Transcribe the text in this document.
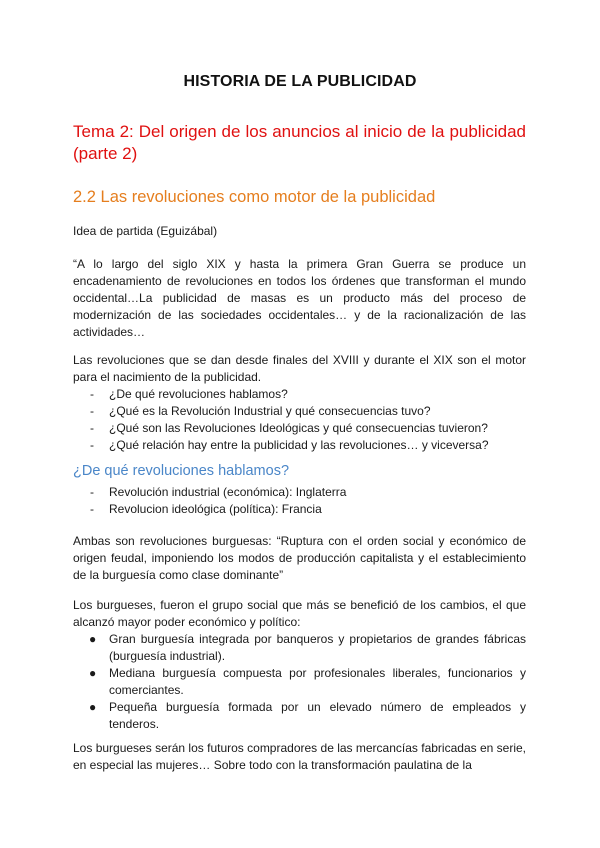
HISTORIA DE LA PUBLICIDAD
Tema 2: Del origen de los anuncios al inicio de la publicidad (parte 2)
2.2 Las revoluciones como motor de la publicidad
Idea de partida (Eguizábal)
“A lo largo del siglo XIX y hasta la primera Gran Guerra se produce un encadenamiento de revoluciones en todos los órdenes que transforman el mundo occidental…La publicidad de masas es un producto más del proceso de modernización de las sociedades occidentales… y de la racionalización de las actividades…
Las revoluciones que se dan desde finales del XVIII y durante el XIX son el motor para el nacimiento de la publicidad.
- ¿De qué revoluciones hablamos?
- ¿Qué es la Revolución Industrial y qué consecuencias tuvo?
- ¿Qué son las Revoluciones Ideológicas y qué consecuencias tuvieron?
- ¿Qué relación hay entre la publicidad y las revoluciones… y viceversa?
¿De qué revoluciones hablamos?
- Revolución industrial (económica): Inglaterra
- Revolucion ideológica (política): Francia
Ambas son revoluciones burguesas: “Ruptura con el orden social y económico de origen feudal, imponiendo los modos de producción capitalista y el establecimiento de la burguesía como clase dominante”
Los burgueses, fueron el grupo social que más se benefició de los cambios, el que alcanzó mayor poder económico y político:
● Gran burguesía integrada por banqueros y propietarios de grandes fábricas (burguesía industrial).
● Mediana burguesía compuesta por profesionales liberales, funcionarios y comerciantes.
● Pequeña burguesía formada por un elevado número de empleados y tenderos.
Los burgueses serán los futuros compradores de las mercancías fabricadas en serie, en especial las mujeres… Sobre todo con la transformación paulatina de la
